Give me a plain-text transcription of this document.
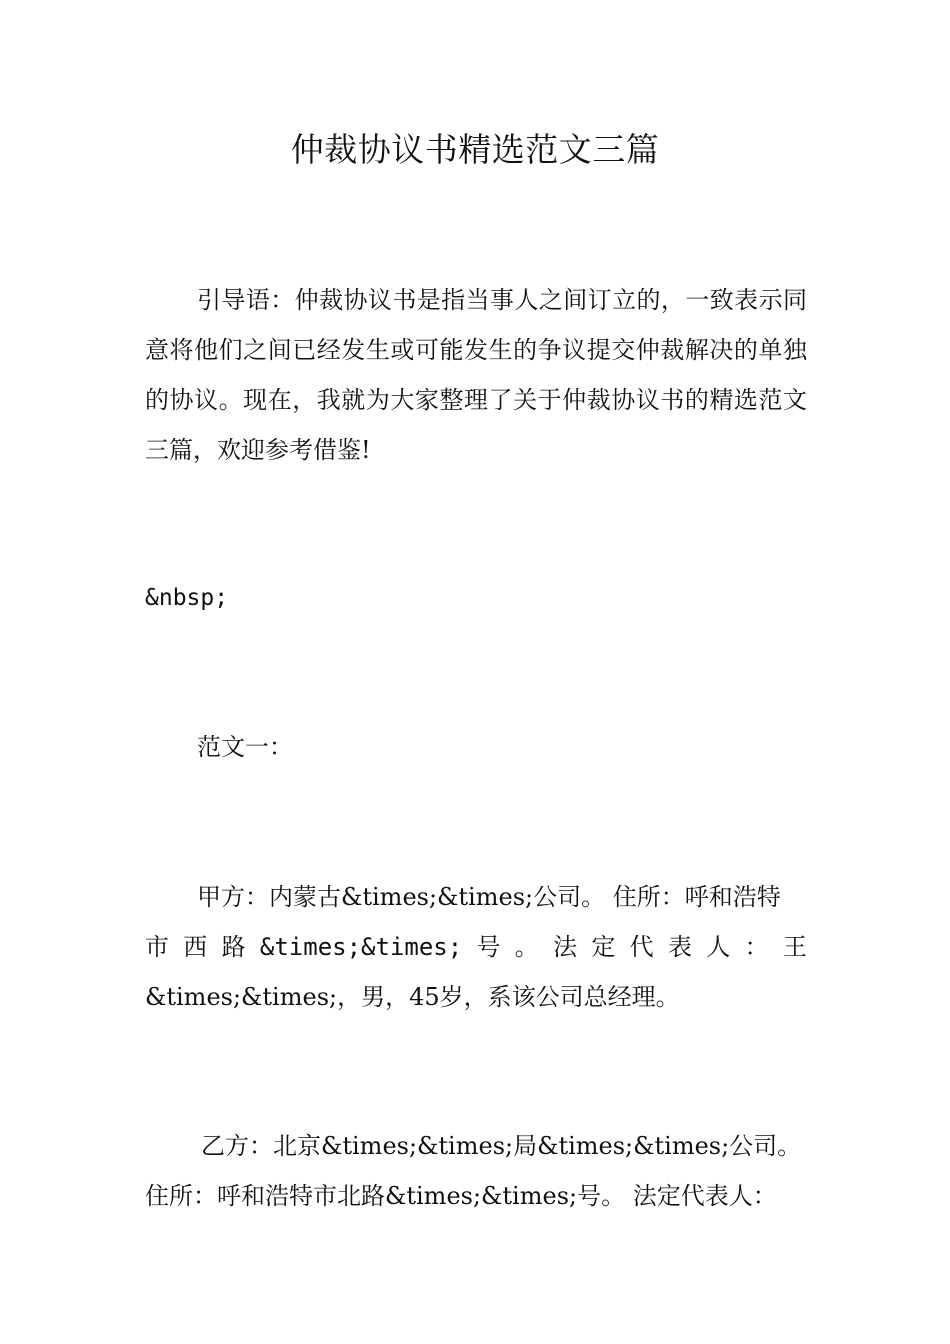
仲裁协议书精选范文三篇
引导语：仲裁协议书是指当事人之间订立的，一致表示同意将他们之间已经发生或可能发生的争议提交仲裁解决的单独的协议。现在，我就为大家整理了关于仲裁协议书的精选范文三篇，欢迎参考借鉴!
&nbsp;
范文一：
甲方：内蒙古&times;&times;公司。 住所：呼和浩特
市 西 路 &times;&times; 号 。 法 定 代 表 人 ： 王
&times;&times;，男，45岁，系该公司总经理。
乙方：北京&times;&times;局&times;&times;公司。
住所：呼和浩特市北路&times;&times;号。 法定代表人：
